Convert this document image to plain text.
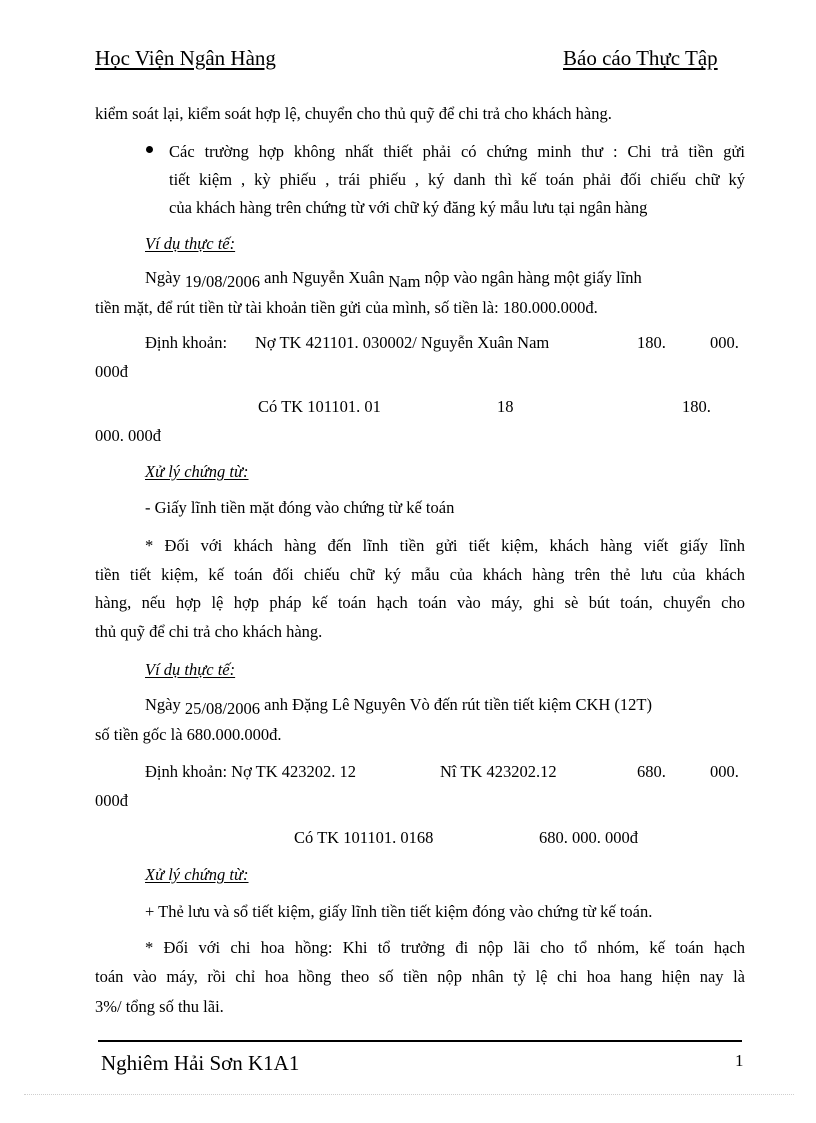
Học Viện Ngân Hàng	Báo cáo Thực Tập
kiểm soát lại, kiểm soát hợp lệ, chuyển cho thủ quỹ để chi trả cho khách hàng.
Các trường hợp không nhất thiết phải có chứng minh thư : Chi trả tiền gửi
tiết kiệm , kỳ phiếu , trái phiếu , ký danh thì kế toán phải đối chiếu chữ ký
của khách hàng trên chứng từ với chữ ký đăng ký mẫu lưu tại ngân hàng
Ví dụ thực tế:
Ngày 19/08/2006 anh Nguyễn Xuân Nam nộp vào ngân hàng một giấy lĩnh
tiền mặt, để rút tiền từ tài khoản tiền gửi của mình, số tiền là: 180.000.000đ.
Định khoản: Nợ TK 421101. 030002/ Nguyễn Xuân Nam	180.	000.
000đ
Có TK 101101. 01	18	180.
000. 000đ
Xử lý chứng từ:
- Giấy lĩnh tiền mặt đóng vào chứng từ kế toán
* Đối với khách hàng đến lĩnh tiền gửi tiết kiệm, khách hàng viết giấy lĩnh
tiền tiết kiệm, kế toán đối chiếu chữ ký mẫu của khách hàng trên thẻ lưu của khách
hàng, nếu hợp lệ hợp pháp kế toán hạch toán vào máy, ghi sè bút toán, chuyển cho
thủ quỹ để chi trả cho khách hàng.
Ví dụ thực tế:
Ngày 25/08/2006 anh Đặng Lê Nguyên Vò đến rút tiền tiết kiệm CKH (12T)
số tiền gốc là 680.000.000đ.
Định khoản: Nợ TK 423202. 12	Nî TK 423202.12	680.	000.
000đ
Có TK 101101. 0168	680. 000. 000đ
Xử lý chứng từ:
+ Thẻ lưu và sổ tiết kiệm, giấy lĩnh tiền tiết kiệm đóng vào chứng từ kế toán.
* Đối với chi hoa hồng: Khi tổ trưởng đi nộp lãi cho tổ nhóm, kế toán hạch
toán vào máy, rồi chỉ hoa hồng theo số tiền nộp nhân tỷ lệ chi hoa hang hiện nay là
3%/ tổng số thu lãi.
Nghiêm Hải Sơn K1A1	1
